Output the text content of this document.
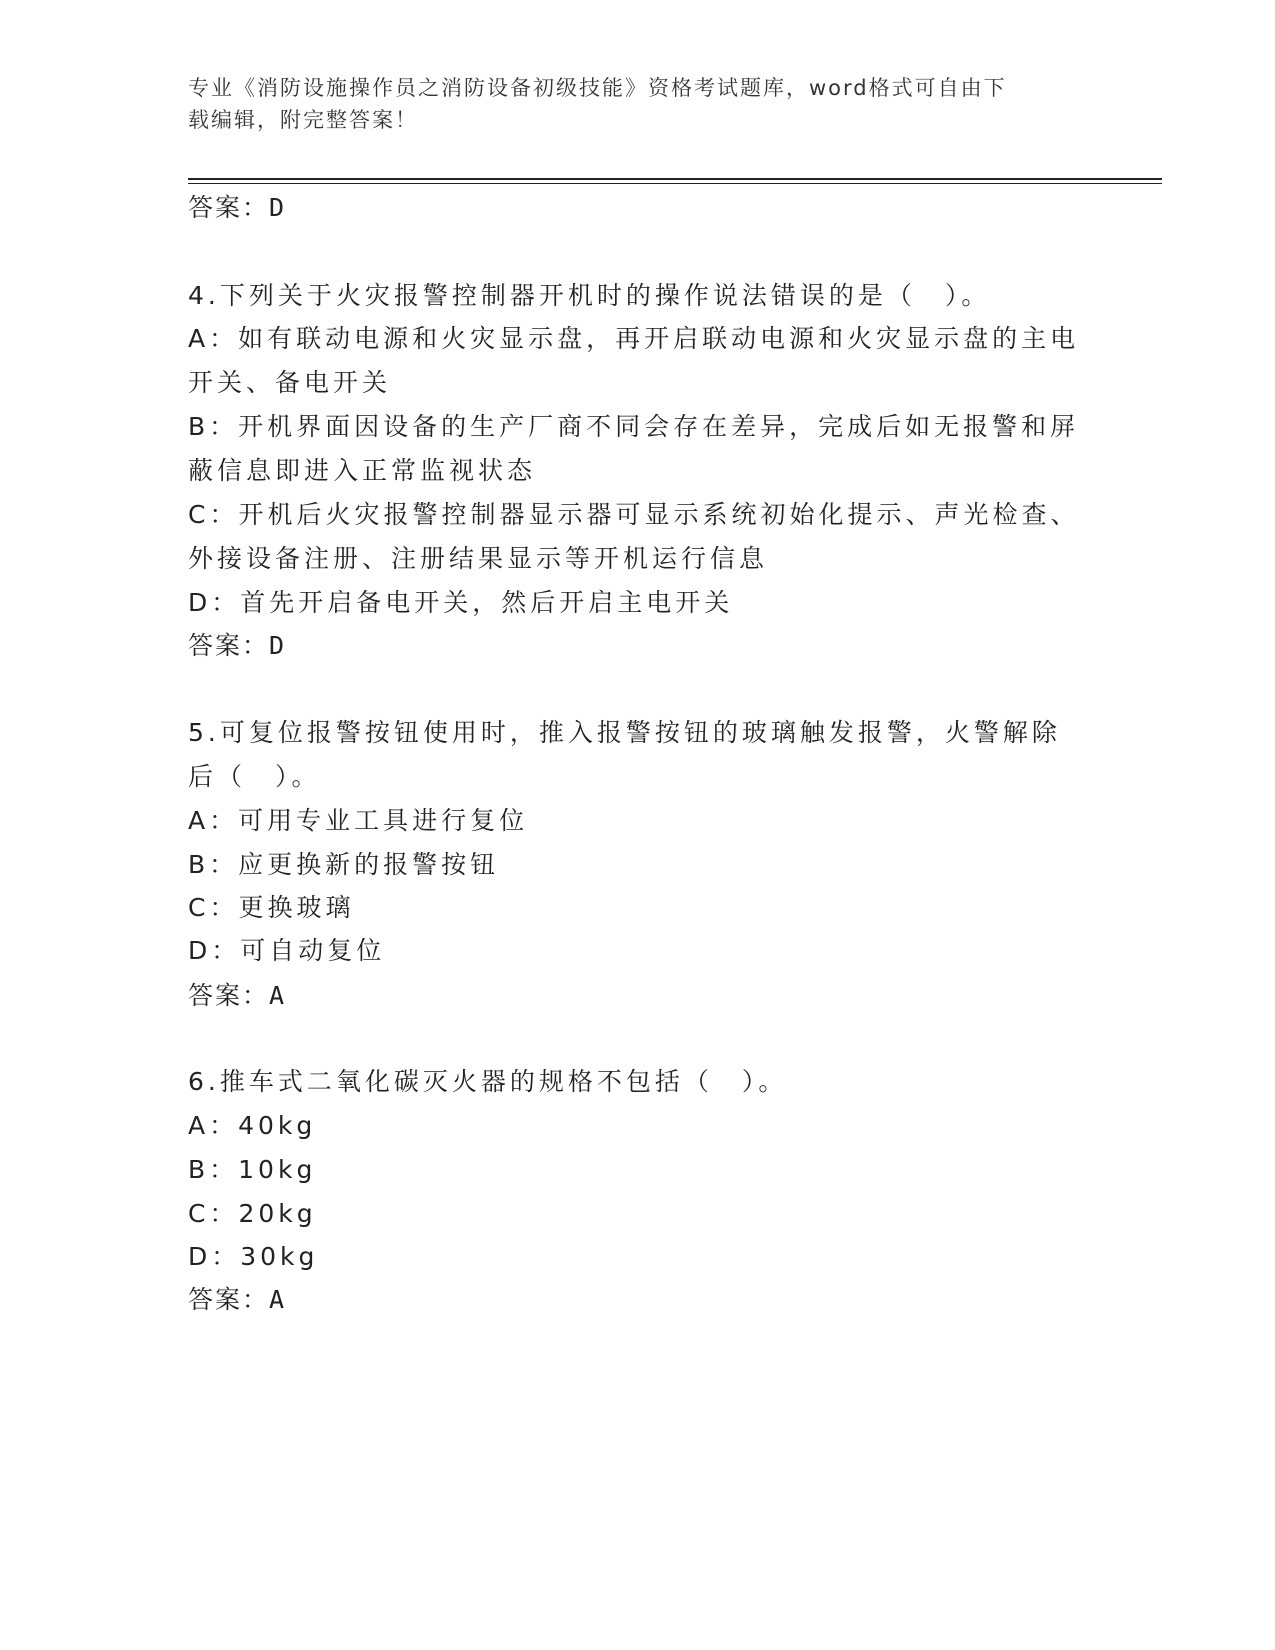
专业《消防设施操作员之消防设备初级技能》资格考试题库，word格式可自由下
载编辑，附完整答案！
答案：D
4.下列关于火灾报警控制器开机时的操作说法错误的是（　）。
A：如有联动电源和火灾显示盘，再开启联动电源和火灾显示盘的主电
开关、备电开关
B：开机界面因设备的生产厂商不同会存在差异，完成后如无报警和屏
蔽信息即进入正常监视状态
C：开机后火灾报警控制器显示器可显示系统初始化提示、声光检查、
外接设备注册、注册结果显示等开机运行信息
D：首先开启备电开关，然后开启主电开关
答案：D
5.可复位报警按钮使用时，推入报警按钮的玻璃触发报警，火警解除
后（　）。
A：可用专业工具进行复位
B：应更换新的报警按钮
C：更换玻璃
D：可自动复位
答案：A
6.推车式二氧化碳灭火器的规格不包括（　）。
A：40kg
B：10kg
C：20kg
D：30kg
答案：A
